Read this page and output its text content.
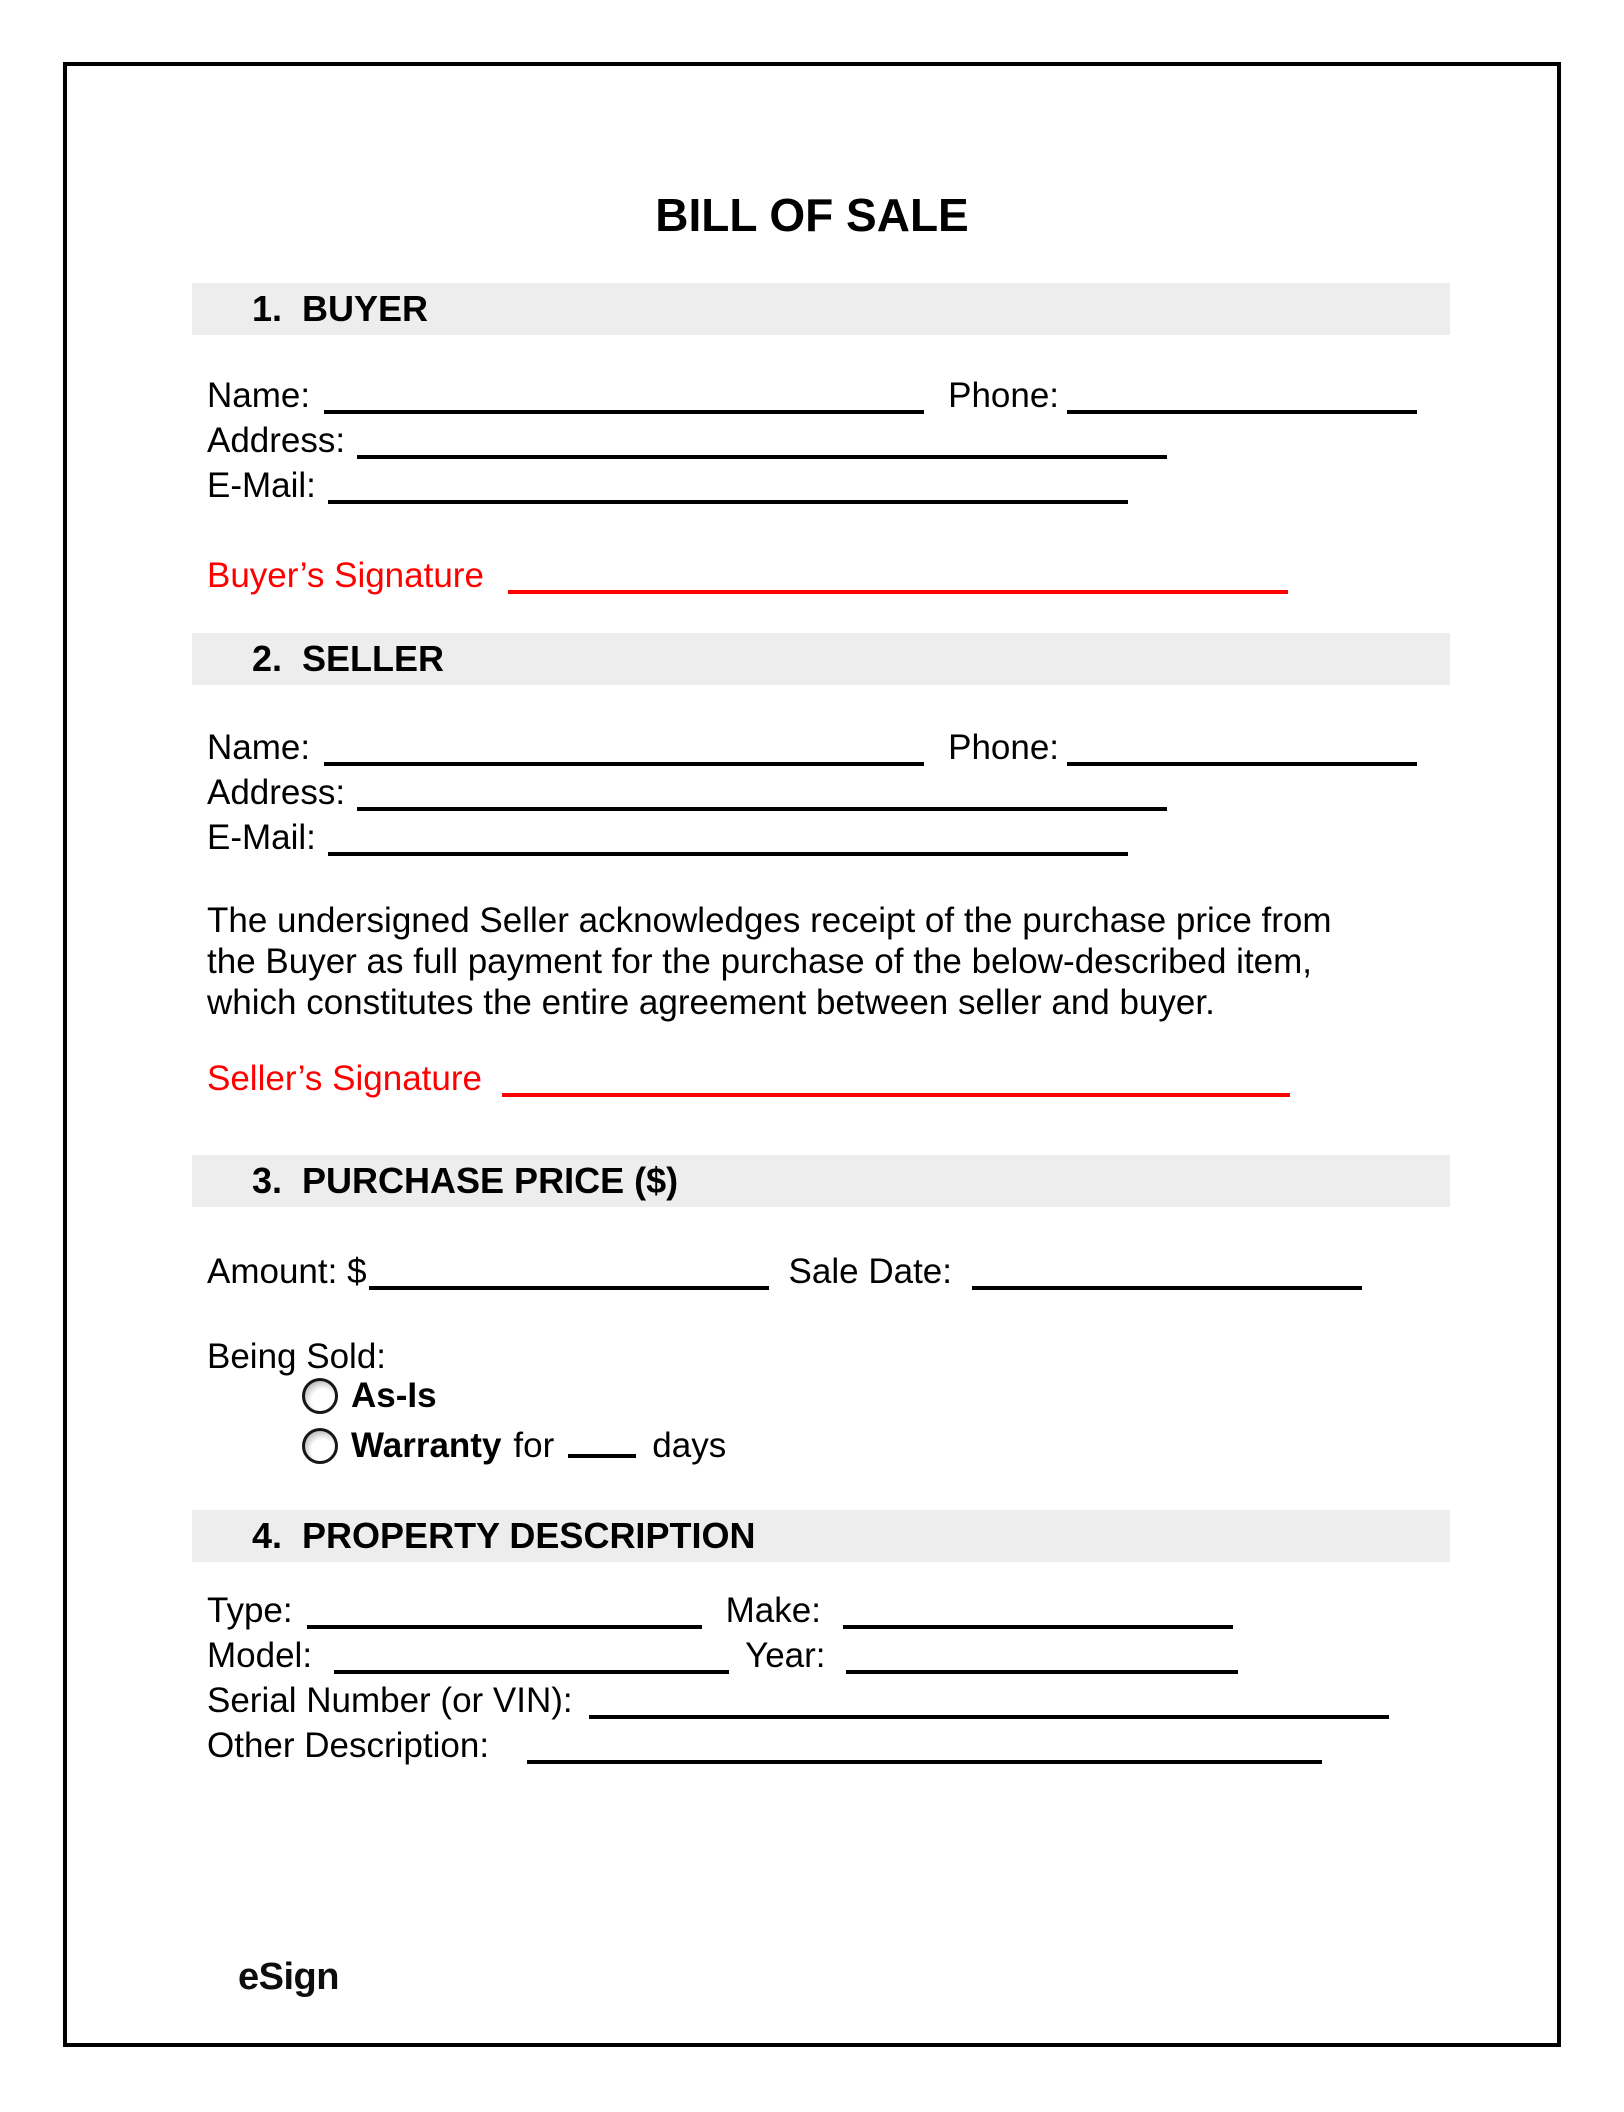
BILL OF SALE
1. BUYER
Name:	Phone:
Address:
E-Mail:
Buyer’s Signature
2. SELLER
Name:	Phone:
Address:
E-Mail:

The undersigned Seller acknowledges receipt of the purchase price from the Buyer as full payment for the purchase of the below-described item, which constitutes the entire agreement between seller and buyer.

Seller’s Signature
3. PURCHASE PRICE ($)
Amount: $	Sale Date:
Being Sold:
As-Is
Warranty for	days
4. PROPERTY DESCRIPTION
Type:	Make:
Model:	Year:
Serial Number (or VIN):
Other Description:
eSign
